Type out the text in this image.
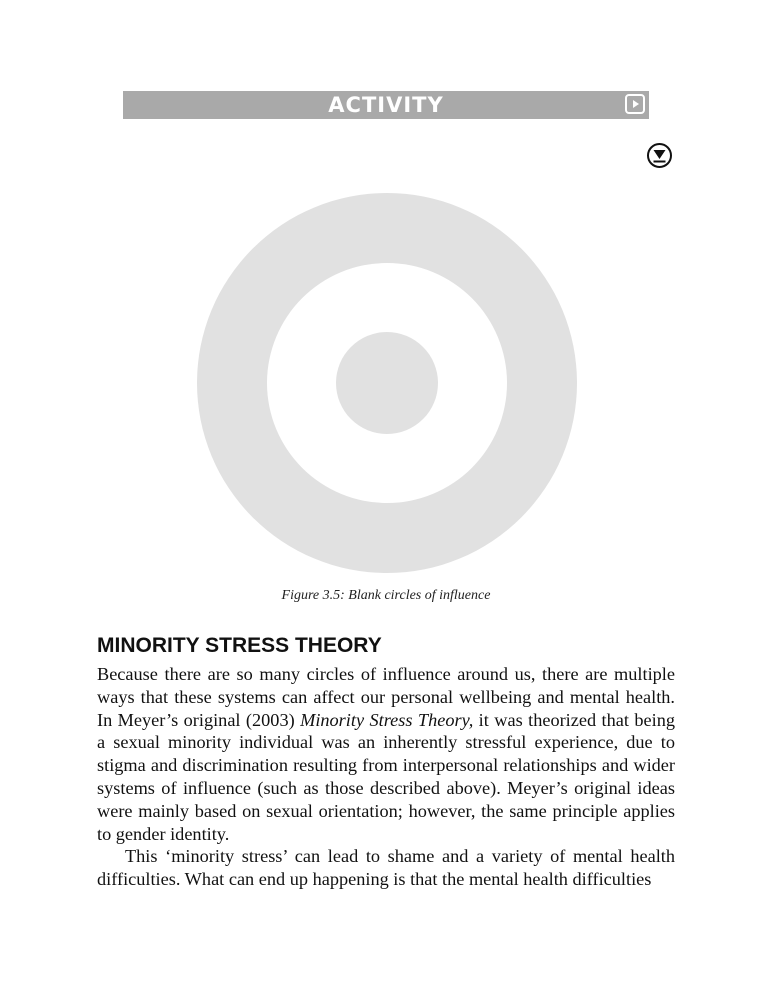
ACTIVITY
Figure 3.5: Blank circles of influence
MINORITY STRESS THEORY

Because there are so many circles of influence around us, there are multiple ways that these systems can affect our personal wellbeing and mental health. In Meyer’s original (2003) Minority Stress Theory, it was theorized that being a sexual minority individual was an inherently stressful experience, due to stigma and discrimination resulting from interpersonal relationships and wider systems of influence (such as those described above). Meyer’s original ideas were mainly based on sexual orientation; however, the same principle applies to gender identity.

This ‘minority stress’ can lead to shame and a variety of mental health difficulties. What can end up happening is that the mental health difficulties
